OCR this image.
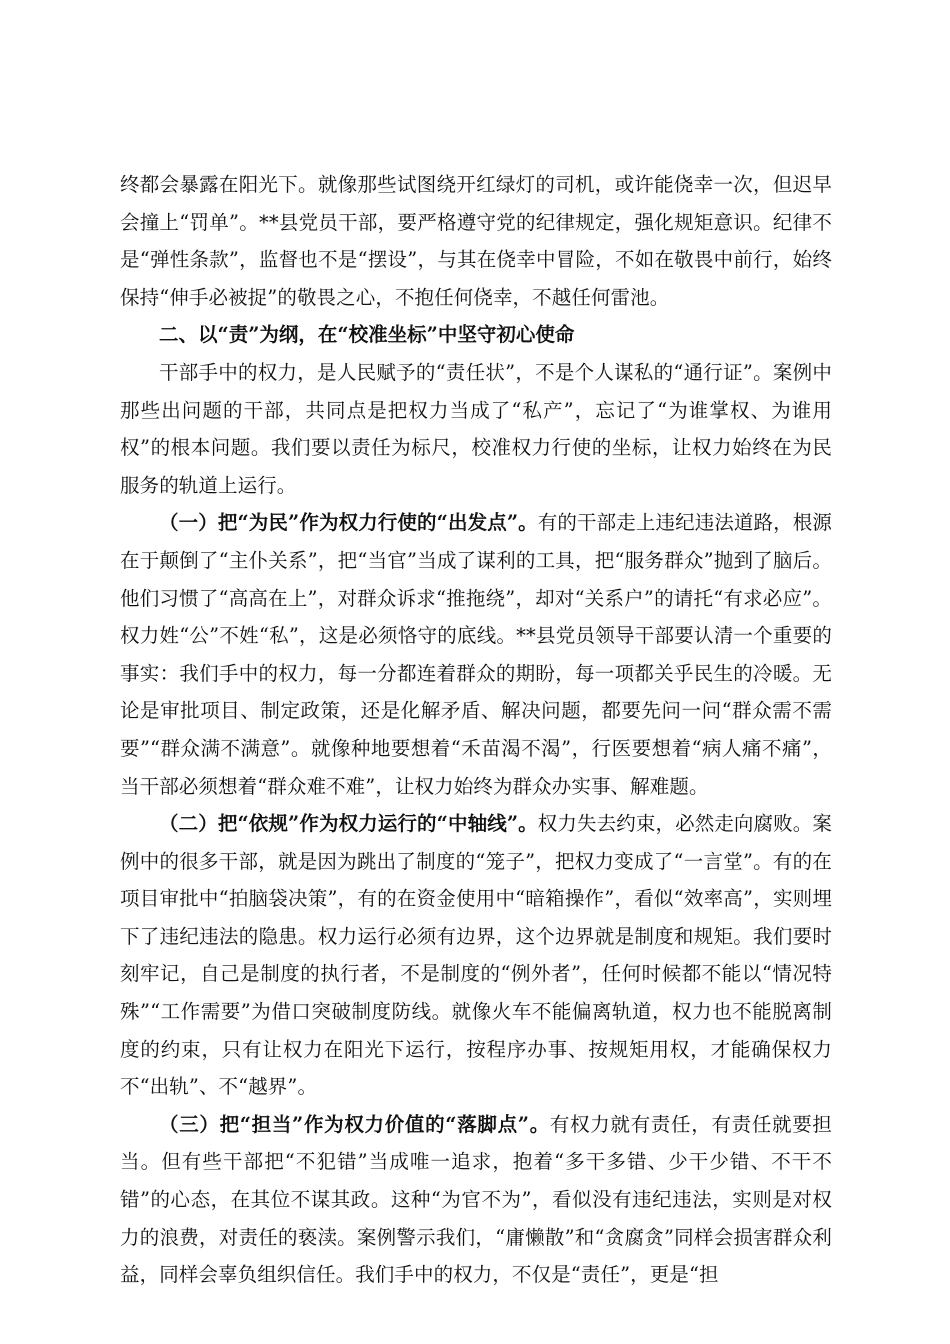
终都会暴露在阳光下。就像那些试图绕开红绿灯的司机，或许能侥幸一次，但迟早会撞上“罚单”。**县党员干部，要严格遵守党的纪律规定，强化规矩意识。纪律不是“弹性条款”，监督也不是“摆设”，与其在侥幸中冒险，不如在敬畏中前行，始终保持“伸手必被捉”的敬畏之心，不抱任何侥幸，不越任何雷池。

二、以“责”为纲，在“校准坐标”中坚守初心使命

干部手中的权力，是人民赋予的“责任状”，不是个人谋私的“通行证”。案例中那些出问题的干部，共同点是把权力当成了“私产”，忘记了“为谁掌权、为谁用权”的根本问题。我们要以责任为标尺，校准权力行使的坐标，让权力始终在为民服务的轨道上运行。

（一）把“为民”作为权力行使的“出发点”。有的干部走上违纪违法道路，根源在于颠倒了“主仆关系”，把“当官”当成了谋利的工具，把“服务群众”抛到了脑后。他们习惯了“高高在上”，对群众诉求“推拖绕”，却对“关系户”的请托“有求必应”。权力姓“公”不姓“私”，这是必须恪守的底线。**县党员领导干部要认清一个重要的事实：我们手中的权力，每一分都连着群众的期盼，每一项都关乎民生的冷暖。无论是审批项目、制定政策，还是化解矛盾、解决问题，都要先问一问“群众需不需要”“群众满不满意”。就像种地要想着“禾苗渴不渴”，行医要想着“病人痛不痛”，当干部必须想着“群众难不难”，让权力始终为群众办实事、解难题。

（二）把“依规”作为权力运行的“中轴线”。权力失去约束，必然走向腐败。案例中的很多干部，就是因为跳出了制度的“笼子”，把权力变成了“一言堂”。有的在项目审批中“拍脑袋决策”，有的在资金使用中“暗箱操作”，看似“效率高”，实则埋下了违纪违法的隐患。权力运行必须有边界，这个边界就是制度和规矩。我们要时刻牢记，自己是制度的执行者，不是制度的“例外者”，任何时候都不能以“情况特殊”“工作需要”为借口突破制度防线。就像火车不能偏离轨道，权力也不能脱离制度的约束，只有让权力在阳光下运行，按程序办事、按规矩用权，才能确保权力不“出轨”、不“越界”。

（三）把“担当”作为权力价值的“落脚点”。有权力就有责任，有责任就要担当。但有些干部把“不犯错”当成唯一追求，抱着“多干多错、少干少错、不干不错”的心态，在其位不谋其政。这种“为官不为”，看似没有违纪违法，实则是对权力的浪费，对责任的亵渎。案例警示我们，“庸懒散”和“贪腐贪”同样会损害群众利益，同样会辜负组织信任。我们手中的权力，不仅是“责任”，更是“担
